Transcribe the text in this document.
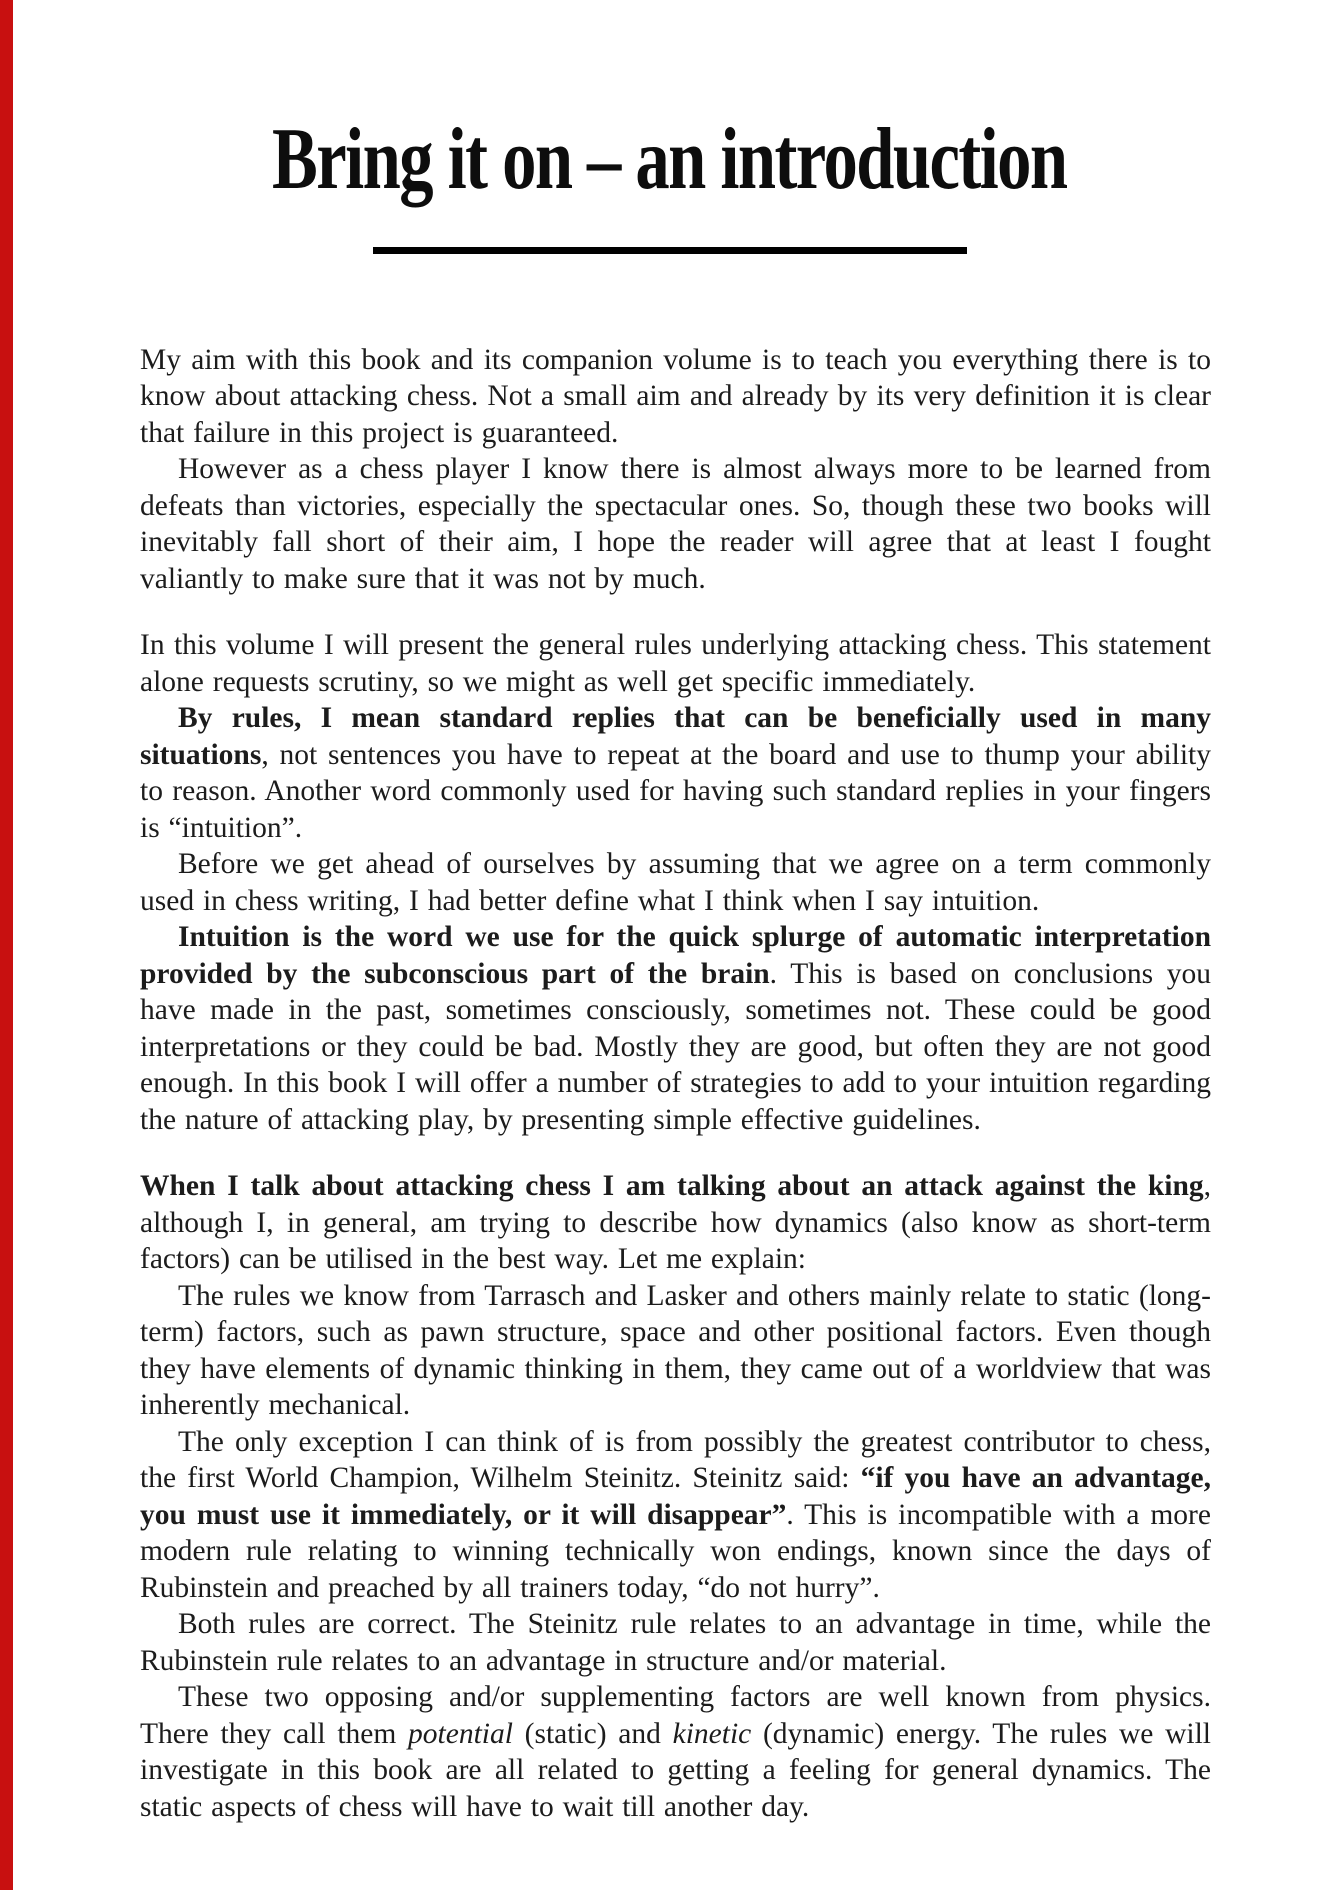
Bring it on – an introduction

My aim with this book and its companion volume is to teach you everything there is to know about attacking chess. Not a small aim and already by its very definition it is clear that failure in this project is guaranteed.

However as a chess player I know there is almost always more to be learned from defeats than victories, especially the spectacular ones. So, though these two books will inevitably fall short of their aim, I hope the reader will agree that at least I fought valiantly to make sure that it was not by much.

In this volume I will present the general rules underlying attacking chess. This statement alone requests scrutiny, so we might as well get specific immediately.

By rules, I mean standard replies that can be beneficially used in many situations, not sentences you have to repeat at the board and use to thump your ability to reason. Another word commonly used for having such standard replies in your fingers is “intuition”.

Before we get ahead of ourselves by assuming that we agree on a term commonly used in chess writing, I had better define what I think when I say intuition.

Intuition is the word we use for the quick splurge of automatic interpretation provided by the subconscious part of the brain. This is based on conclusions you have made in the past, sometimes consciously, sometimes not. These could be good interpretations or they could be bad. Mostly they are good, but often they are not good enough. In this book I will offer a number of strategies to add to your intuition regarding the nature of attacking play, by presenting simple effective guidelines.

When I talk about attacking chess I am talking about an attack against the king, although I, in general, am trying to describe how dynamics (also know as short-term factors) can be utilised in the best way. Let me explain:

The rules we know from Tarrasch and Lasker and others mainly relate to static (long-term) factors, such as pawn structure, space and other positional factors. Even though they have elements of dynamic thinking in them, they came out of a worldview that was inherently mechanical.

The only exception I can think of is from possibly the greatest contributor to chess, the first World Champion, Wilhelm Steinitz. Steinitz said: “if you have an advantage, you must use it immediately, or it will disappear”. This is incompatible with a more modern rule relating to winning technically won endings, known since the days of Rubinstein and preached by all trainers today, “do not hurry”.

Both rules are correct. The Steinitz rule relates to an advantage in time, while the Rubinstein rule relates to an advantage in structure and/or material.

These two opposing and/or supplementing factors are well known from physics. There they call them potential (static) and kinetic (dynamic) energy. The rules we will investigate in this book are all related to getting a feeling for general dynamics. The static aspects of chess will have to wait till another day.
